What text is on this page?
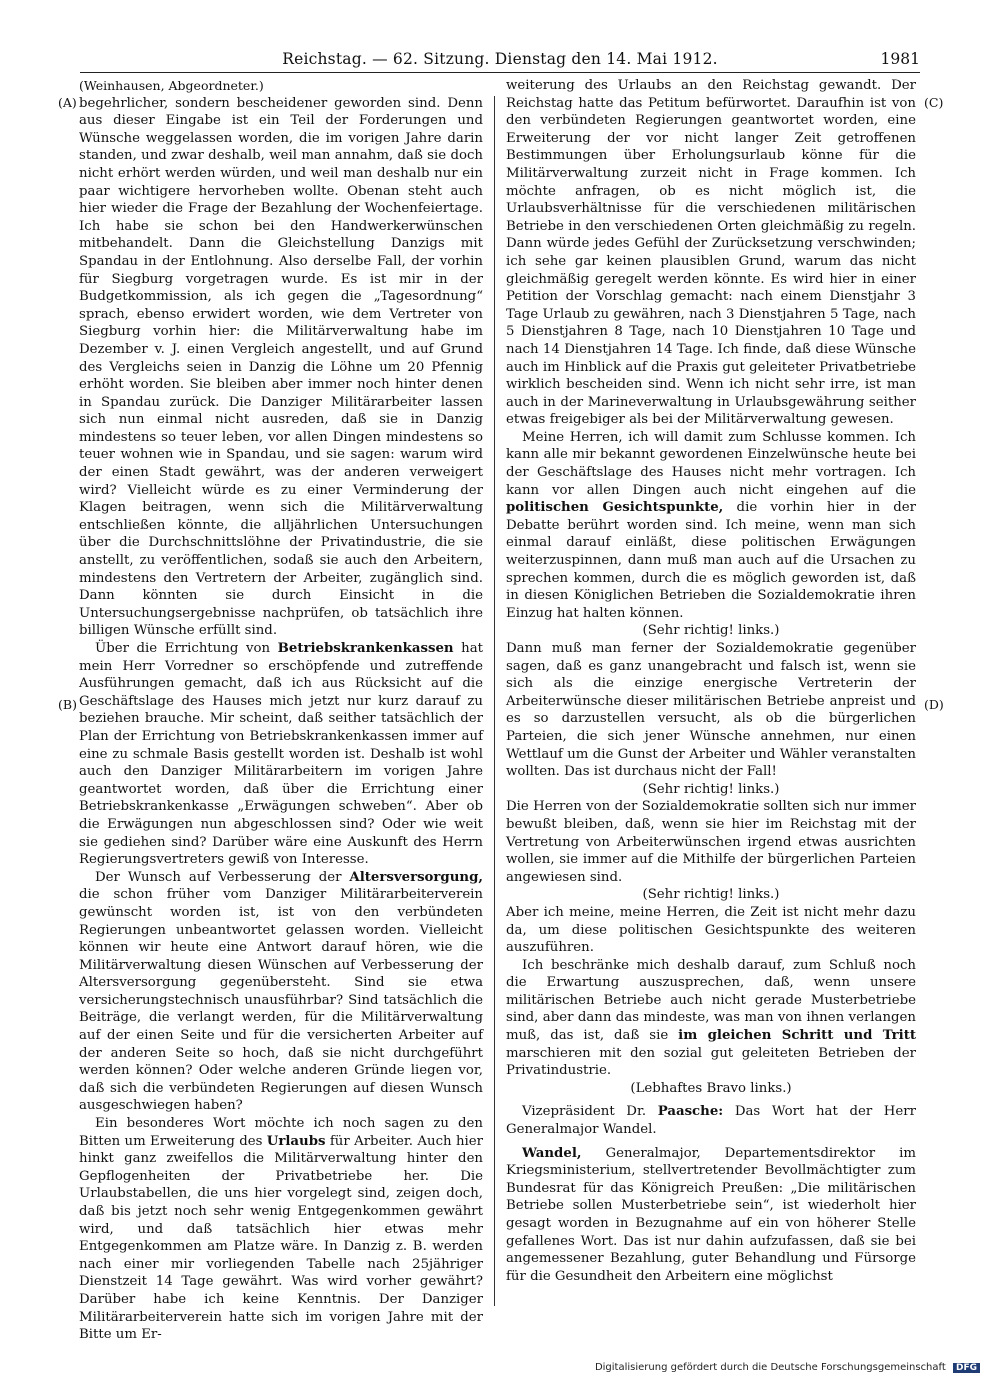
Reichstag. — 62. Sitzung. Dienstag den 14. Mai 1912.	1981
(A)
(B)
(C)
(D)

(Weinhausen, Abgeordneter.)

begehrlicher, sondern bescheidener geworden sind. Denn aus dieser Eingabe ist ein Teil der Forderungen und Wünsche weggelassen worden, die im vorigen Jahre darin standen, und zwar deshalb, weil man annahm, daß sie doch nicht erhört werden würden, und weil man deshalb nur ein paar wichtigere hervorheben wollte. Obenan steht auch hier wieder die Frage der Bezahlung der Wochenfeiertage. Ich habe sie schon bei den Handwerkerwünschen mitbehandelt. Dann die Gleichstellung Danzigs mit Spandau in der Entlohnung. Also derselbe Fall, der vorhin für Siegburg vorgetragen wurde. Es ist mir in der Budgetkommission, als ich gegen die „Tagesordnung“ sprach, ebenso erwidert worden, wie dem Vertreter von Siegburg vorhin hier: die Militärverwaltung habe im Dezember v. J. einen Vergleich angestellt, und auf Grund des Vergleichs seien in Danzig die Löhne um 20 Pfennig erhöht worden. Sie bleiben aber immer noch hinter denen in Spandau zurück. Die Danziger Militärarbeiter lassen sich nun einmal nicht ausreden, daß sie in Danzig mindestens so teuer leben, vor allen Dingen mindestens so teuer wohnen wie in Spandau, und sie sagen: warum wird der einen Stadt gewährt, was der anderen verweigert wird? Vielleicht würde es zu einer Verminderung der Klagen beitragen, wenn sich die Militärverwaltung entschließen könnte, die alljährlichen Untersuchungen über die Durchschnittslöhne der Privatindustrie, die sie anstellt, zu veröffentlichen, sodaß sie auch den Arbeitern, mindestens den Vertretern der Arbeiter, zugänglich sind. Dann könnten sie durch Einsicht in die Untersuchungsergebnisse nachprüfen, ob tatsächlich ihre billigen Wünsche erfüllt sind.

Über die Errichtung von Betriebskrankenkassen hat mein Herr Vorredner so erschöpfende und zutreffende Ausführungen gemacht, daß ich aus Rücksicht auf die Geschäftslage des Hauses mich jetzt nur kurz darauf zu beziehen brauche. Mir scheint, daß seither tatsächlich der Plan der Errichtung von Betriebskrankenkassen immer auf eine zu schmale Basis gestellt worden ist. Deshalb ist wohl auch den Danziger Militärarbeitern im vorigen Jahre geantwortet worden, daß über die Errichtung einer Betriebskrankenkasse „Erwägungen schweben“. Aber ob die Erwägungen nun abgeschlossen sind? Oder wie weit sie gediehen sind? Darüber wäre eine Auskunft des Herrn Regierungsvertreters gewiß von Interesse.

Der Wunsch auf Verbesserung der Altersversorgung, die schon früher vom Danziger Militärarbeiterverein gewünscht worden ist, ist von den verbündeten Regierungen unbeantwortet gelassen worden. Vielleicht können wir heute eine Antwort darauf hören, wie die Militärverwaltung diesen Wünschen auf Verbesserung der Altersversorgung gegenübersteht. Sind sie etwa versicherungstechnisch unausführbar? Sind tatsächlich die Beiträge, die verlangt werden, für die Militärverwaltung auf der einen Seite und für die versicherten Arbeiter auf der anderen Seite so hoch, daß sie nicht durchgeführt werden können? Oder welche anderen Gründe liegen vor, daß sich die verbündeten Regierungen auf diesen Wunsch ausgeschwiegen haben?

Ein besonderes Wort möchte ich noch sagen zu den Bitten um Erweiterung des Urlaubs für Arbeiter. Auch hier hinkt ganz zweifellos die Militärverwaltung hinter den Gepflogenheiten der Privatbetriebe her. Die Urlaubstabellen, die uns hier vorgelegt sind, zeigen doch, daß bis jetzt noch sehr wenig Entgegenkommen gewährt wird, und daß tatsächlich hier etwas mehr Entgegenkommen am Platze wäre. In Danzig z. B. werden nach einer mir vorliegenden Tabelle nach 25jähriger Dienstzeit 14 Tage gewährt. Was wird vorher gewährt? Darüber habe ich keine Kenntnis. Der Danziger Militärarbeiterverein hatte sich im vorigen Jahre mit der Bitte um Er-

weiterung des Urlaubs an den Reichstag gewandt. Der Reichstag hatte das Petitum befürwortet. Daraufhin ist von den verbündeten Regierungen geantwortet worden, eine Erweiterung der vor nicht langer Zeit getroffenen Bestimmungen über Erholungsurlaub könne für die Militärverwaltung zurzeit nicht in Frage kommen. Ich möchte anfragen, ob es nicht möglich ist, die Urlaubsverhältnisse für die verschiedenen militärischen Betriebe in den verschiedenen Orten gleichmäßig zu regeln. Dann würde jedes Gefühl der Zurücksetzung verschwinden; ich sehe gar keinen plausiblen Grund, warum das nicht gleichmäßig geregelt werden könnte. Es wird hier in einer Petition der Vorschlag gemacht: nach einem Dienstjahr 3 Tage Urlaub zu gewähren, nach 3 Dienstjahren 5 Tage, nach 5 Dienstjahren 8 Tage, nach 10 Dienstjahren 10 Tage und nach 14 Dienstjahren 14 Tage. Ich finde, daß diese Wünsche auch im Hinblick auf die Praxis gut geleiteter Privatbetriebe wirklich bescheiden sind. Wenn ich nicht sehr irre, ist man auch in der Marineverwaltung in Urlaubsgewährung seither etwas freigebiger als bei der Militärverwaltung gewesen.

Meine Herren, ich will damit zum Schlusse kommen. Ich kann alle mir bekannt gewordenen Einzelwünsche heute bei der Geschäftslage des Hauses nicht mehr vortragen. Ich kann vor allen Dingen auch nicht eingehen auf die politischen Gesichtspunkte, die vorhin hier in der Debatte berührt worden sind. Ich meine, wenn man sich einmal darauf einläßt, diese politischen Erwägungen weiterzuspinnen, dann muß man auch auf die Ursachen zu sprechen kommen, durch die es möglich geworden ist, daß in diesen Königlichen Betrieben die Sozialdemokratie ihren Einzug hat halten können.

(Sehr richtig! links.)

Dann muß man ferner der Sozialdemokratie gegenüber sagen, daß es ganz unangebracht und falsch ist, wenn sie sich als die einzige energische Vertreterin der Arbeiterwünsche dieser militärischen Betriebe anpreist und es so darzustellen versucht, als ob die bürgerlichen Parteien, die sich jener Wünsche annehmen, nur einen Wettlauf um die Gunst der Arbeiter und Wähler veranstalten wollten. Das ist durchaus nicht der Fall!

(Sehr richtig! links.)

Die Herren von der Sozialdemokratie sollten sich nur immer bewußt bleiben, daß, wenn sie hier im Reichstag mit der Vertretung von Arbeiterwünschen irgend etwas ausrichten wollen, sie immer auf die Mithilfe der bürgerlichen Parteien angewiesen sind.

(Sehr richtig! links.)

Aber ich meine, meine Herren, die Zeit ist nicht mehr dazu da, um diese politischen Gesichtspunkte des weiteren auszuführen.

Ich beschränke mich deshalb darauf, zum Schluß noch die Erwartung auszusprechen, daß, wenn unsere militärischen Betriebe auch nicht gerade Musterbetriebe sind, aber dann das mindeste, was man von ihnen verlangen muß, das ist, daß sie im gleichen Schritt und Tritt marschieren mit den sozial gut geleiteten Betrieben der Privatindustrie.

(Lebhaftes Bravo links.)

Vizepräsident Dr. Paasche: Das Wort hat der Herr Generalmajor Wandel.

Wandel, Generalmajor, Departementsdirektor im Kriegsministerium, stellvertretender Bevollmächtigter zum Bundesrat für das Königreich Preußen: „Die militärischen Betriebe sollen Musterbetriebe sein“, ist wiederholt hier gesagt worden in Bezugnahme auf ein von höherer Stelle gefallenes Wort. Das ist nur dahin aufzufassen, daß sie bei angemessener Bezahlung, guter Behandlung und Fürsorge für die Gesundheit den Arbeitern eine möglichst

Digitalisierung gefördert durch die Deutsche Forschungsgemeinschaft DFG
